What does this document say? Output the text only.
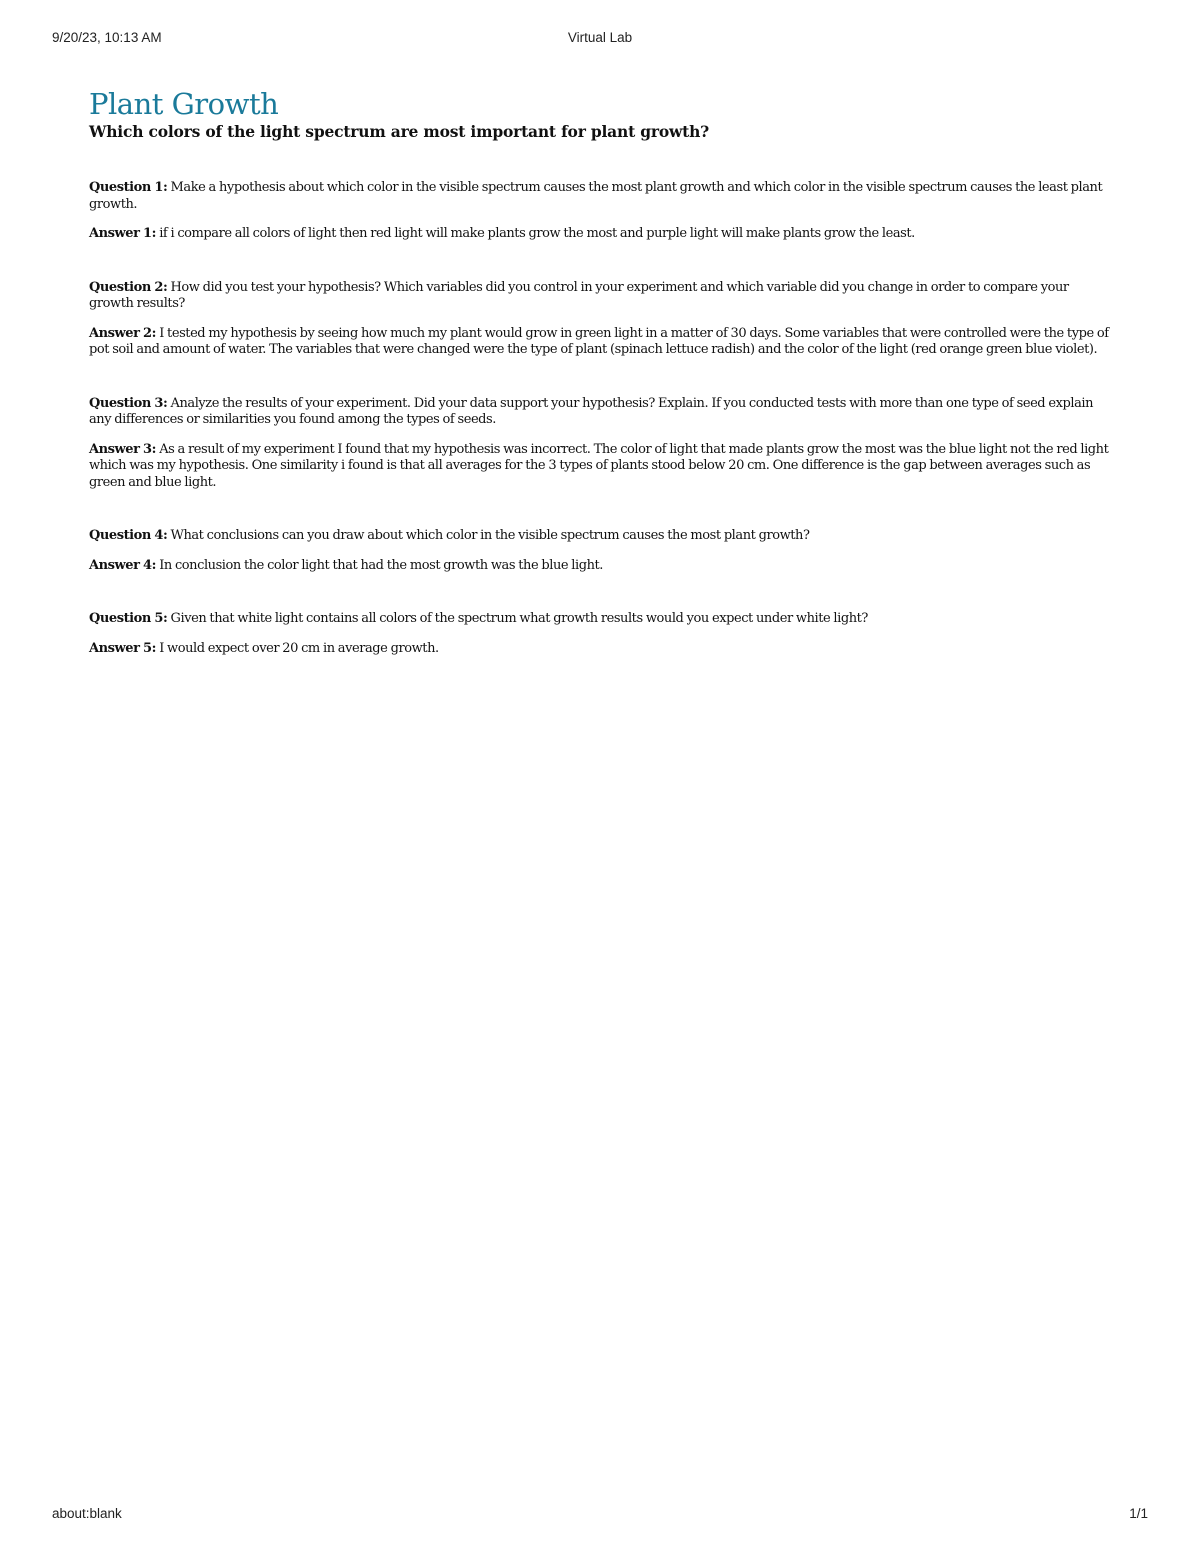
9/20/23, 10:13 AM	Virtual Lab
Plant Growth
Which colors of the light spectrum are most important for plant growth?

Question 1: Make a hypothesis about which color in the visible spectrum causes the most plant growth and which color in the visible spectrum causes the least plant growth.

Answer 1: if i compare all colors of light then red light will make plants grow the most and purple light will make plants grow the least.

Question 2: How did you test your hypothesis? Which variables did you control in your experiment and which variable did you change in order to compare your growth results?

Answer 2: I tested my hypothesis by seeing how much my plant would grow in green light in a matter of 30 days. Some variables that were controlled were the type of pot soil and amount of water. The variables that were changed were the type of plant (spinach lettuce radish) and the color of the light (red orange green blue violet).

Question 3: Analyze the results of your experiment. Did your data support your hypothesis? Explain. If you conducted tests with more than one type of seed explain any differences or similarities you found among the types of seeds.

Answer 3: As a result of my experiment I found that my hypothesis was incorrect. The color of light that made plants grow the most was the blue light not the red light which was my hypothesis. One similarity i found is that all averages for the 3 types of plants stood below 20 cm. One difference is the gap between averages such as green and blue light.

Question 4: What conclusions can you draw about which color in the visible spectrum causes the most plant growth?

Answer 4: In conclusion the color light that had the most growth was the blue light.

Question 5: Given that white light contains all colors of the spectrum what growth results would you expect under white light?

Answer 5: I would expect over 20 cm in average growth.

about:blank	1/1
